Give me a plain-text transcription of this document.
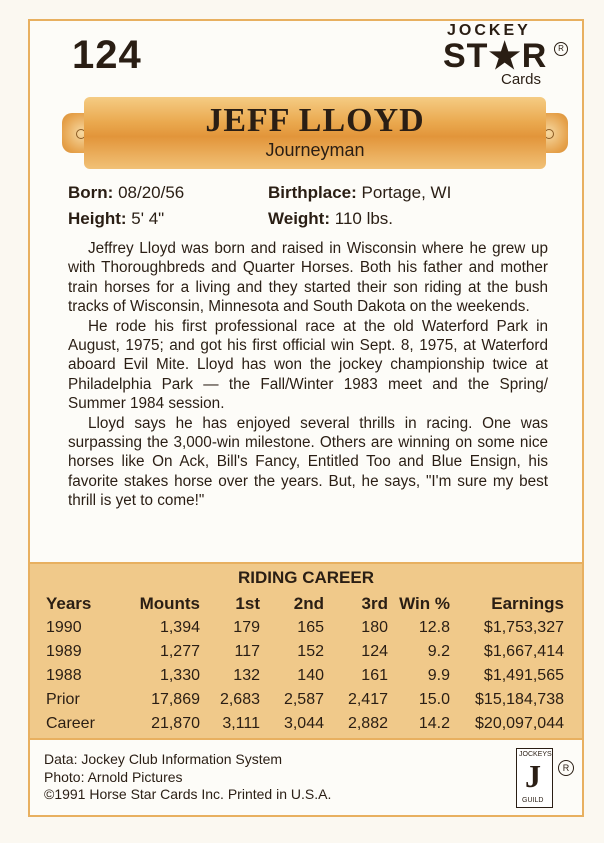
124
JOCKEY
ST★R	R
Cards
JEFF LLOYD
Journeyman
Born: 08/20/56	Birthplace: Portage, WI
Height: 5' 4"	Weight: 110 lbs.

Jeffrey Lloyd was born and raised in Wisconsin where he grew up with Thoroughbreds and Quarter Horses. Both his father and mother train horses for a living and they started their son riding at the bush tracks of Wisconsin, Minnesota and South Dakota on the weekends.

He rode his first professional race at the old Waterford Park in August, 1975; and got his first official win Sept. 8, 1975, at Waterford aboard Evil Mite. Lloyd has won the jockey championship twice at Philadelphia Park — the Fall/Winter 1983 meet and the Spring/ Summer 1984 session.

Lloyd says he has enjoyed several thrills in racing. One was surpassing the 3,000-win milestone. Others are winning on some nice horses like On Ack, Bill's Fancy, Entitled Too and Blue Ensign, his favorite stakes horse over the years. But, he says, "I'm sure my best thrill is yet to come!"

RIDING CAREER
Years	Mounts	1st	2nd	3rd	Win %	Earnings
1990	1,394	179	165	180	12.8	$1,753,327
1989	1,277	117	152	124	9.2	$1,667,414
1988	1,330	132	140	161	9.9	$1,491,565
Prior	17,869	2,683	2,587	2,417	15.0	$15,184,738
Career	21,870	3,111	3,044	2,882	14.2	$20,097,044
Data: Jockey Club Information System
Photo: Arnold Pictures
©1991 Horse Star Cards Inc. Printed in U.S.A.
JOCKEYS
J
GUILD
R
